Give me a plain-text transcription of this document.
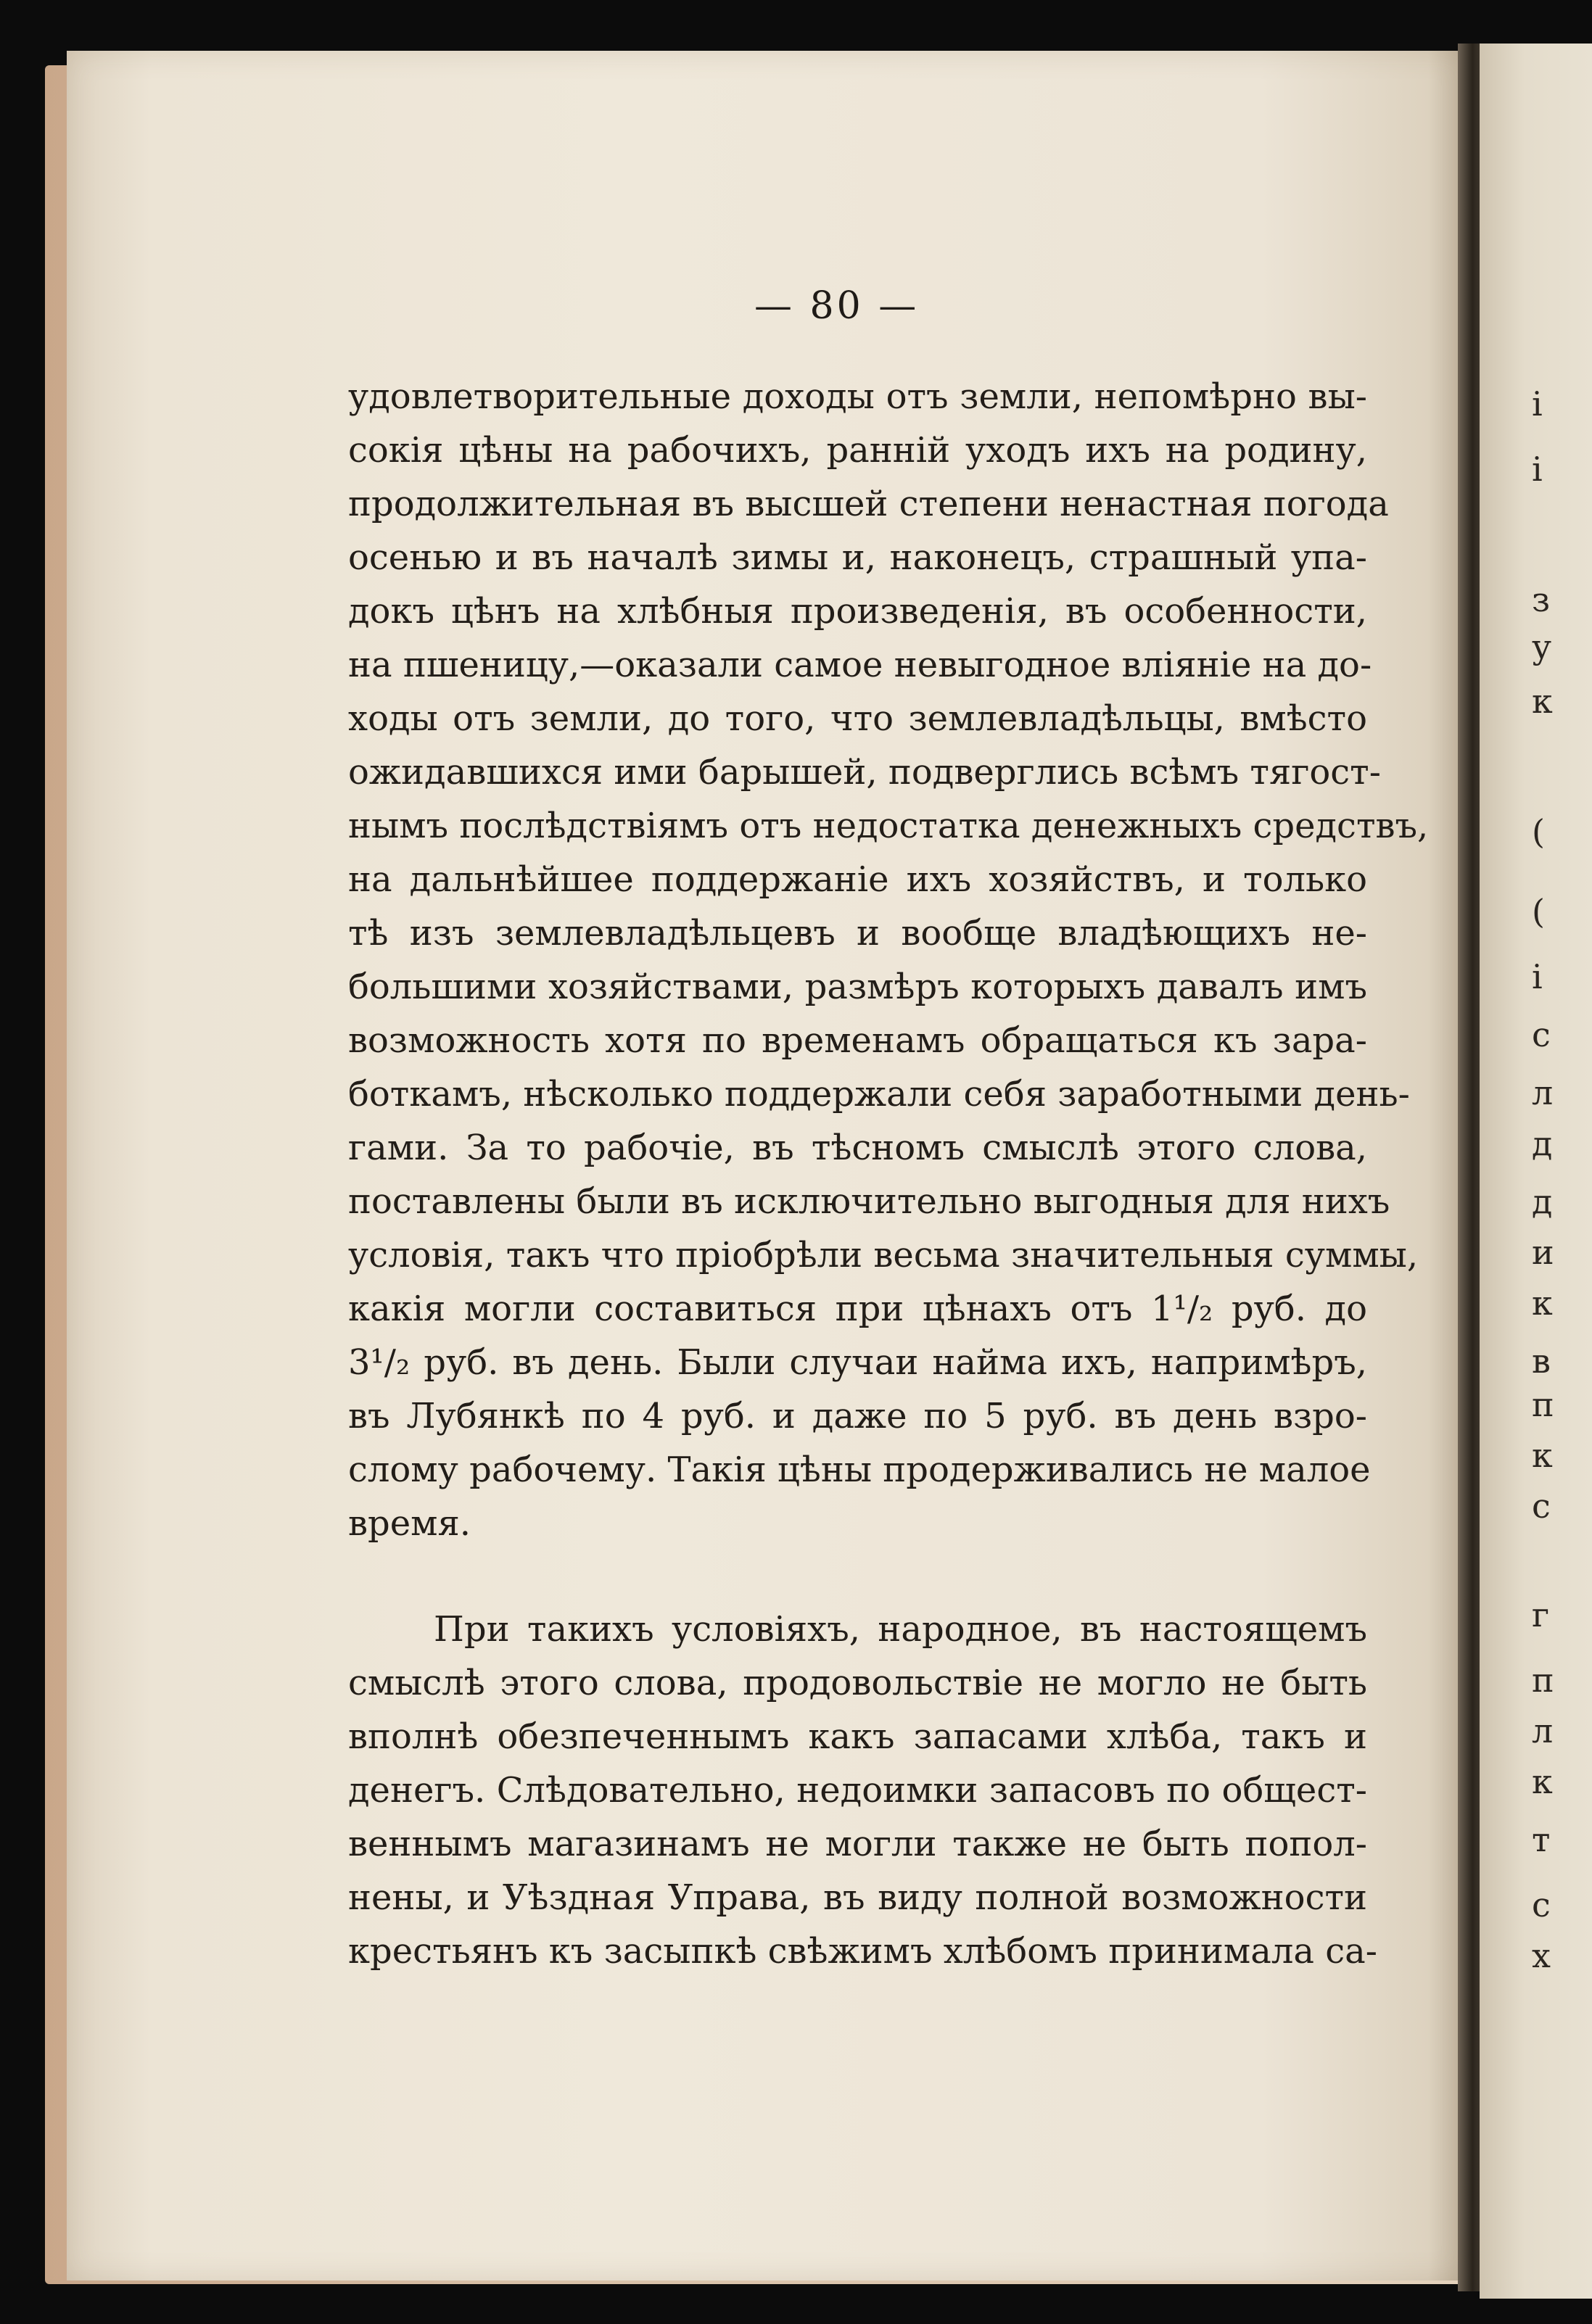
і
і
з
у
к
(
(
і
с
л
д
д
и
к
в
п
к
с
г
п
л
к
т
с
х
— 80 —
удовлетворительные доходы отъ земли, непомѣрно вы-
сокія цѣны на рабочихъ, ранній уходъ ихъ на родину,
продолжительная въ высшей степени ненастная погода
осенью и въ началѣ зимы и, наконецъ, страшный упа-
докъ цѣнъ на хлѣбныя произведенія, въ особенности,
на пшеницу,—оказали самое невыгодное вліяніе на до-
ходы отъ земли, до того, что землевладѣльцы, вмѣсто
ожидавшихся ими барышей, подверглись всѣмъ тягост-
нымъ послѣдствіямъ отъ недостатка денежныхъ средствъ,
на дальнѣйшее поддержаніе ихъ хозяйствъ, и только
тѣ изъ землевладѣльцевъ и вообще владѣющихъ не-
большими хозяйствами, размѣръ которыхъ давалъ имъ
возможность хотя по временамъ обращаться къ зара-
боткамъ, нѣсколько поддержали себя заработными день-
гами. За то рабочіе, въ тѣсномъ смыслѣ этого слова,
поставлены были въ исключительно выгодныя для нихъ
условія, такъ что пріобрѣли весьма значительныя суммы,
какія могли составиться при цѣнахъ отъ 1¹/₂ руб. до
3¹/₂ руб. въ день. Были случаи найма ихъ, напримѣръ,
въ Лубянкѣ по 4 руб. и даже по 5 руб. въ день взро-
слому рабочему. Такія цѣны продерживались не малое
время.
При такихъ условіяхъ, народное, въ настоящемъ
смыслѣ этого слова, продовольствіе не могло не быть
вполнѣ обезпеченнымъ какъ запасами хлѣба, такъ и
денегъ. Слѣдовательно, недоимки запасовъ по общест-
веннымъ магазинамъ не могли также не быть попол-
нены, и Уѣздная Управа, въ виду полной возможности
крестьянъ къ засыпкѣ свѣжимъ хлѣбомъ принимала са-
